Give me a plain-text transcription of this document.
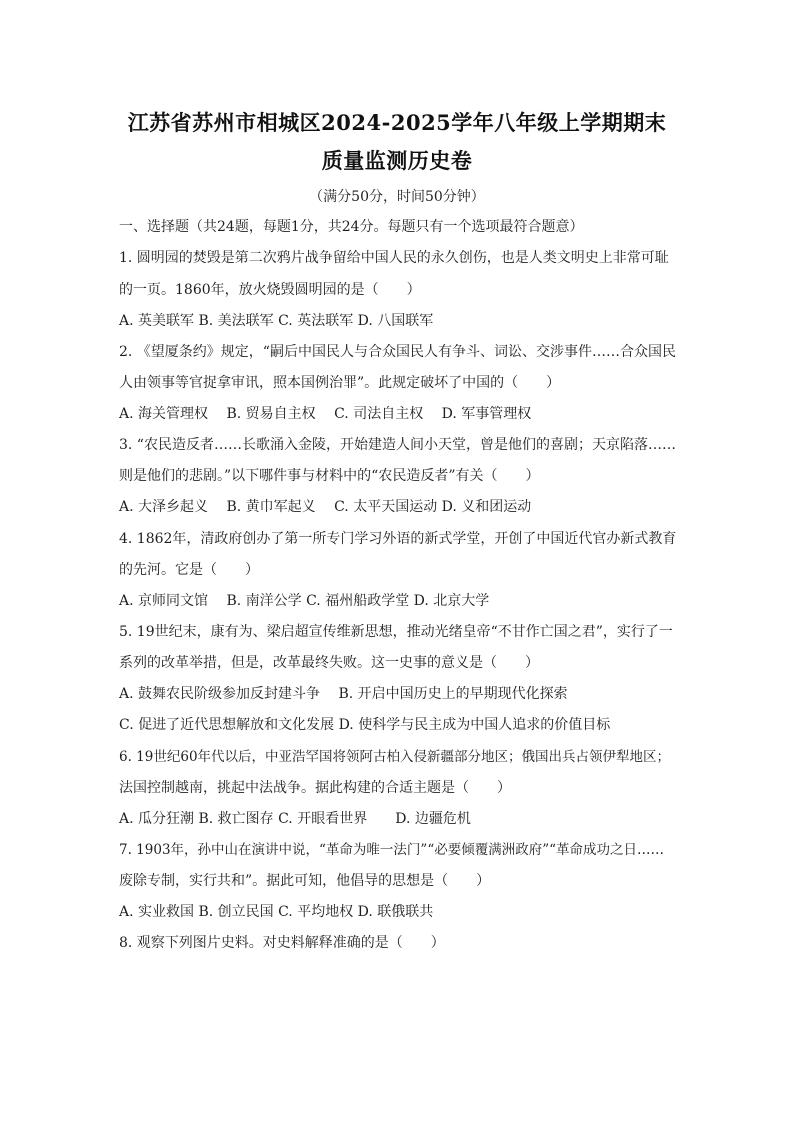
江苏省苏州市相城区2024-2025学年八年级上学期期末
质量监测历史卷
（满分50分，时间50分钟）
一、选择题（共24题，每题1分，共24分。每题只有一个选项最符合题意）
1. 圆明园的焚毁是第二次鸦片战争留给中国人民的永久创伤，也是人类文明史上非常可耻
的一页。1860年，放火烧毁圆明园的是（　　）
A. 英美联军 B. 美法联军 C. 英法联军 D. 八国联军
2. 《望厦条约》规定，“嗣后中国民人与合众国民人有争斗、词讼、交涉事件……合众国民
人由领事等官捉拿审讯，照本国例治罪”。此规定破坏了中国的（　　）
A. 海关管理权　 B. 贸易自主权　 C. 司法自主权　 D. 军事管理权
3. “农民造反者……长歌涌入金陵，开始建造人间小天堂，曾是他们的喜剧；天京陷落……
则是他们的悲剧。”以下哪件事与材料中的“农民造反者”有关（　　）
A. 大泽乡起义　 B. 黄巾军起义　 C. 太平天国运动 D. 义和团运动
4. 1862年，清政府创办了第一所专门学习外语的新式学堂，开创了中国近代官办新式教育
的先河。它是（　　）
A. 京师同文馆　 B. 南洋公学 C. 福州船政学堂 D. 北京大学
5. 19世纪末，康有为、梁启超宣传维新思想，推动光绪皇帝“不甘作亡国之君”，实行了一
系列的改革举措，但是，改革最终失败。这一史事的意义是（　　）
A. 鼓舞农民阶级参加反封建斗争　 B. 开启中国历史上的早期现代化探索
C. 促进了近代思想解放和文化发展 D. 使科学与民主成为中国人追求的价值目标
6. 19世纪60年代以后，中亚浩罕国将领阿古柏入侵新疆部分地区；俄国出兵占领伊犁地区；
法国控制越南，挑起中法战争。据此构建的合适主题是（　　）
A. 瓜分狂潮 B. 救亡图存 C. 开眼看世界　　D. 边疆危机
7. 1903年，孙中山在演讲中说，“革命为唯一法门”“必要倾覆满洲政府”“革命成功之日……
废除专制，实行共和”。据此可知，他倡导的思想是（　　）
A. 实业救国 B. 创立民国 C. 平均地权 D. 联俄联共
8. 观察下列图片史料。对史料解释准确的是（　　）
